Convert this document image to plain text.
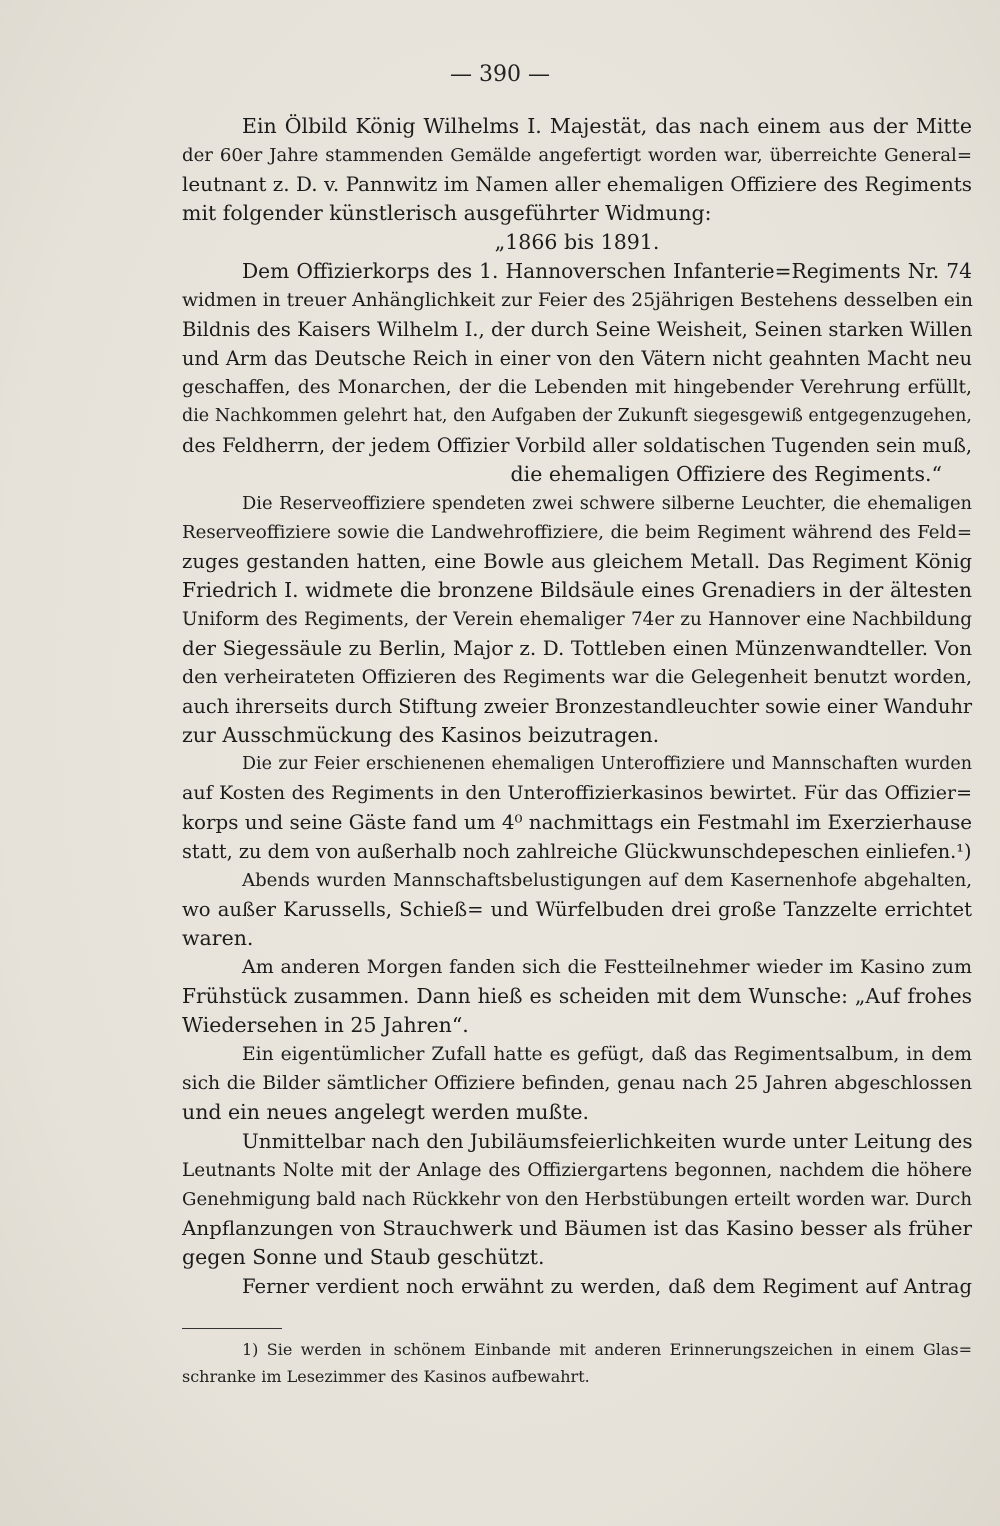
— 390 —
Ein Ölbild König Wilhelms I. Majestät, das nach einem aus der Mitte
der 60er Jahre stammenden Gemälde angefertigt worden war, überreichte General=
leutnant z. D. v. Pannwitz im Namen aller ehemaligen Offiziere des Regiments
mit folgender künstlerisch ausgeführter Widmung:
„1866 bis 1891.
Dem Offizierkorps des 1. Hannoverschen Infanterie=Regiments Nr. 74
widmen in treuer Anhänglichkeit zur Feier des 25jährigen Bestehens desselben ein
Bildnis des Kaisers Wilhelm I., der durch Seine Weisheit, Seinen starken Willen
und Arm das Deutsche Reich in einer von den Vätern nicht geahnten Macht neu
geschaffen, des Monarchen, der die Lebenden mit hingebender Verehrung erfüllt,
die Nachkommen gelehrt hat, den Aufgaben der Zukunft siegesgewiß entgegenzugehen,
des Feldherrn, der jedem Offizier Vorbild aller soldatischen Tugenden sein muß,
die ehemaligen Offiziere des Regiments.“
Die Reserveoffiziere spendeten zwei schwere silberne Leuchter, die ehemaligen
Reserveoffiziere sowie die Landwehroffiziere, die beim Regiment während des Feld=
zuges gestanden hatten, eine Bowle aus gleichem Metall. Das Regiment König
Friedrich I. widmete die bronzene Bildsäule eines Grenadiers in der ältesten
Uniform des Regiments, der Verein ehemaliger 74er zu Hannover eine Nachbildung
der Siegessäule zu Berlin, Major z. D. Tottleben einen Münzenwandteller. Von
den verheirateten Offizieren des Regiments war die Gelegenheit benutzt worden,
auch ihrerseits durch Stiftung zweier Bronzestandleuchter sowie einer Wanduhr
zur Ausschmückung des Kasinos beizutragen.
Die zur Feier erschienenen ehemaligen Unteroffiziere und Mannschaften wurden
auf Kosten des Regiments in den Unteroffizierkasinos bewirtet. Für das Offizier=
korps und seine Gäste fand um 4⁰ nachmittags ein Festmahl im Exerzierhause
statt, zu dem von außerhalb noch zahlreiche Glückwunschdepeschen einliefen.¹)
Abends wurden Mannschaftsbelustigungen auf dem Kasernenhofe abgehalten,
wo außer Karussells, Schieß= und Würfelbuden drei große Tanzzelte errichtet
waren.
Am anderen Morgen fanden sich die Festteilnehmer wieder im Kasino zum
Frühstück zusammen. Dann hieß es scheiden mit dem Wunsche: „Auf frohes
Wiedersehen in 25 Jahren“.
Ein eigentümlicher Zufall hatte es gefügt, daß das Regimentsalbum, in dem
sich die Bilder sämtlicher Offiziere befinden, genau nach 25 Jahren abgeschlossen
und ein neues angelegt werden mußte.
Unmittelbar nach den Jubiläumsfeierlichkeiten wurde unter Leitung des
Leutnants Nolte mit der Anlage des Offiziergartens begonnen, nachdem die höhere
Genehmigung bald nach Rückkehr von den Herbstübungen erteilt worden war. Durch
Anpflanzungen von Strauchwerk und Bäumen ist das Kasino besser als früher
gegen Sonne und Staub geschützt.
Ferner verdient noch erwähnt zu werden, daß dem Regiment auf Antrag
1) Sie werden in schönem Einbande mit anderen Erinnerungszeichen in einem Glas=
schranke im Lesezimmer des Kasinos aufbewahrt.
